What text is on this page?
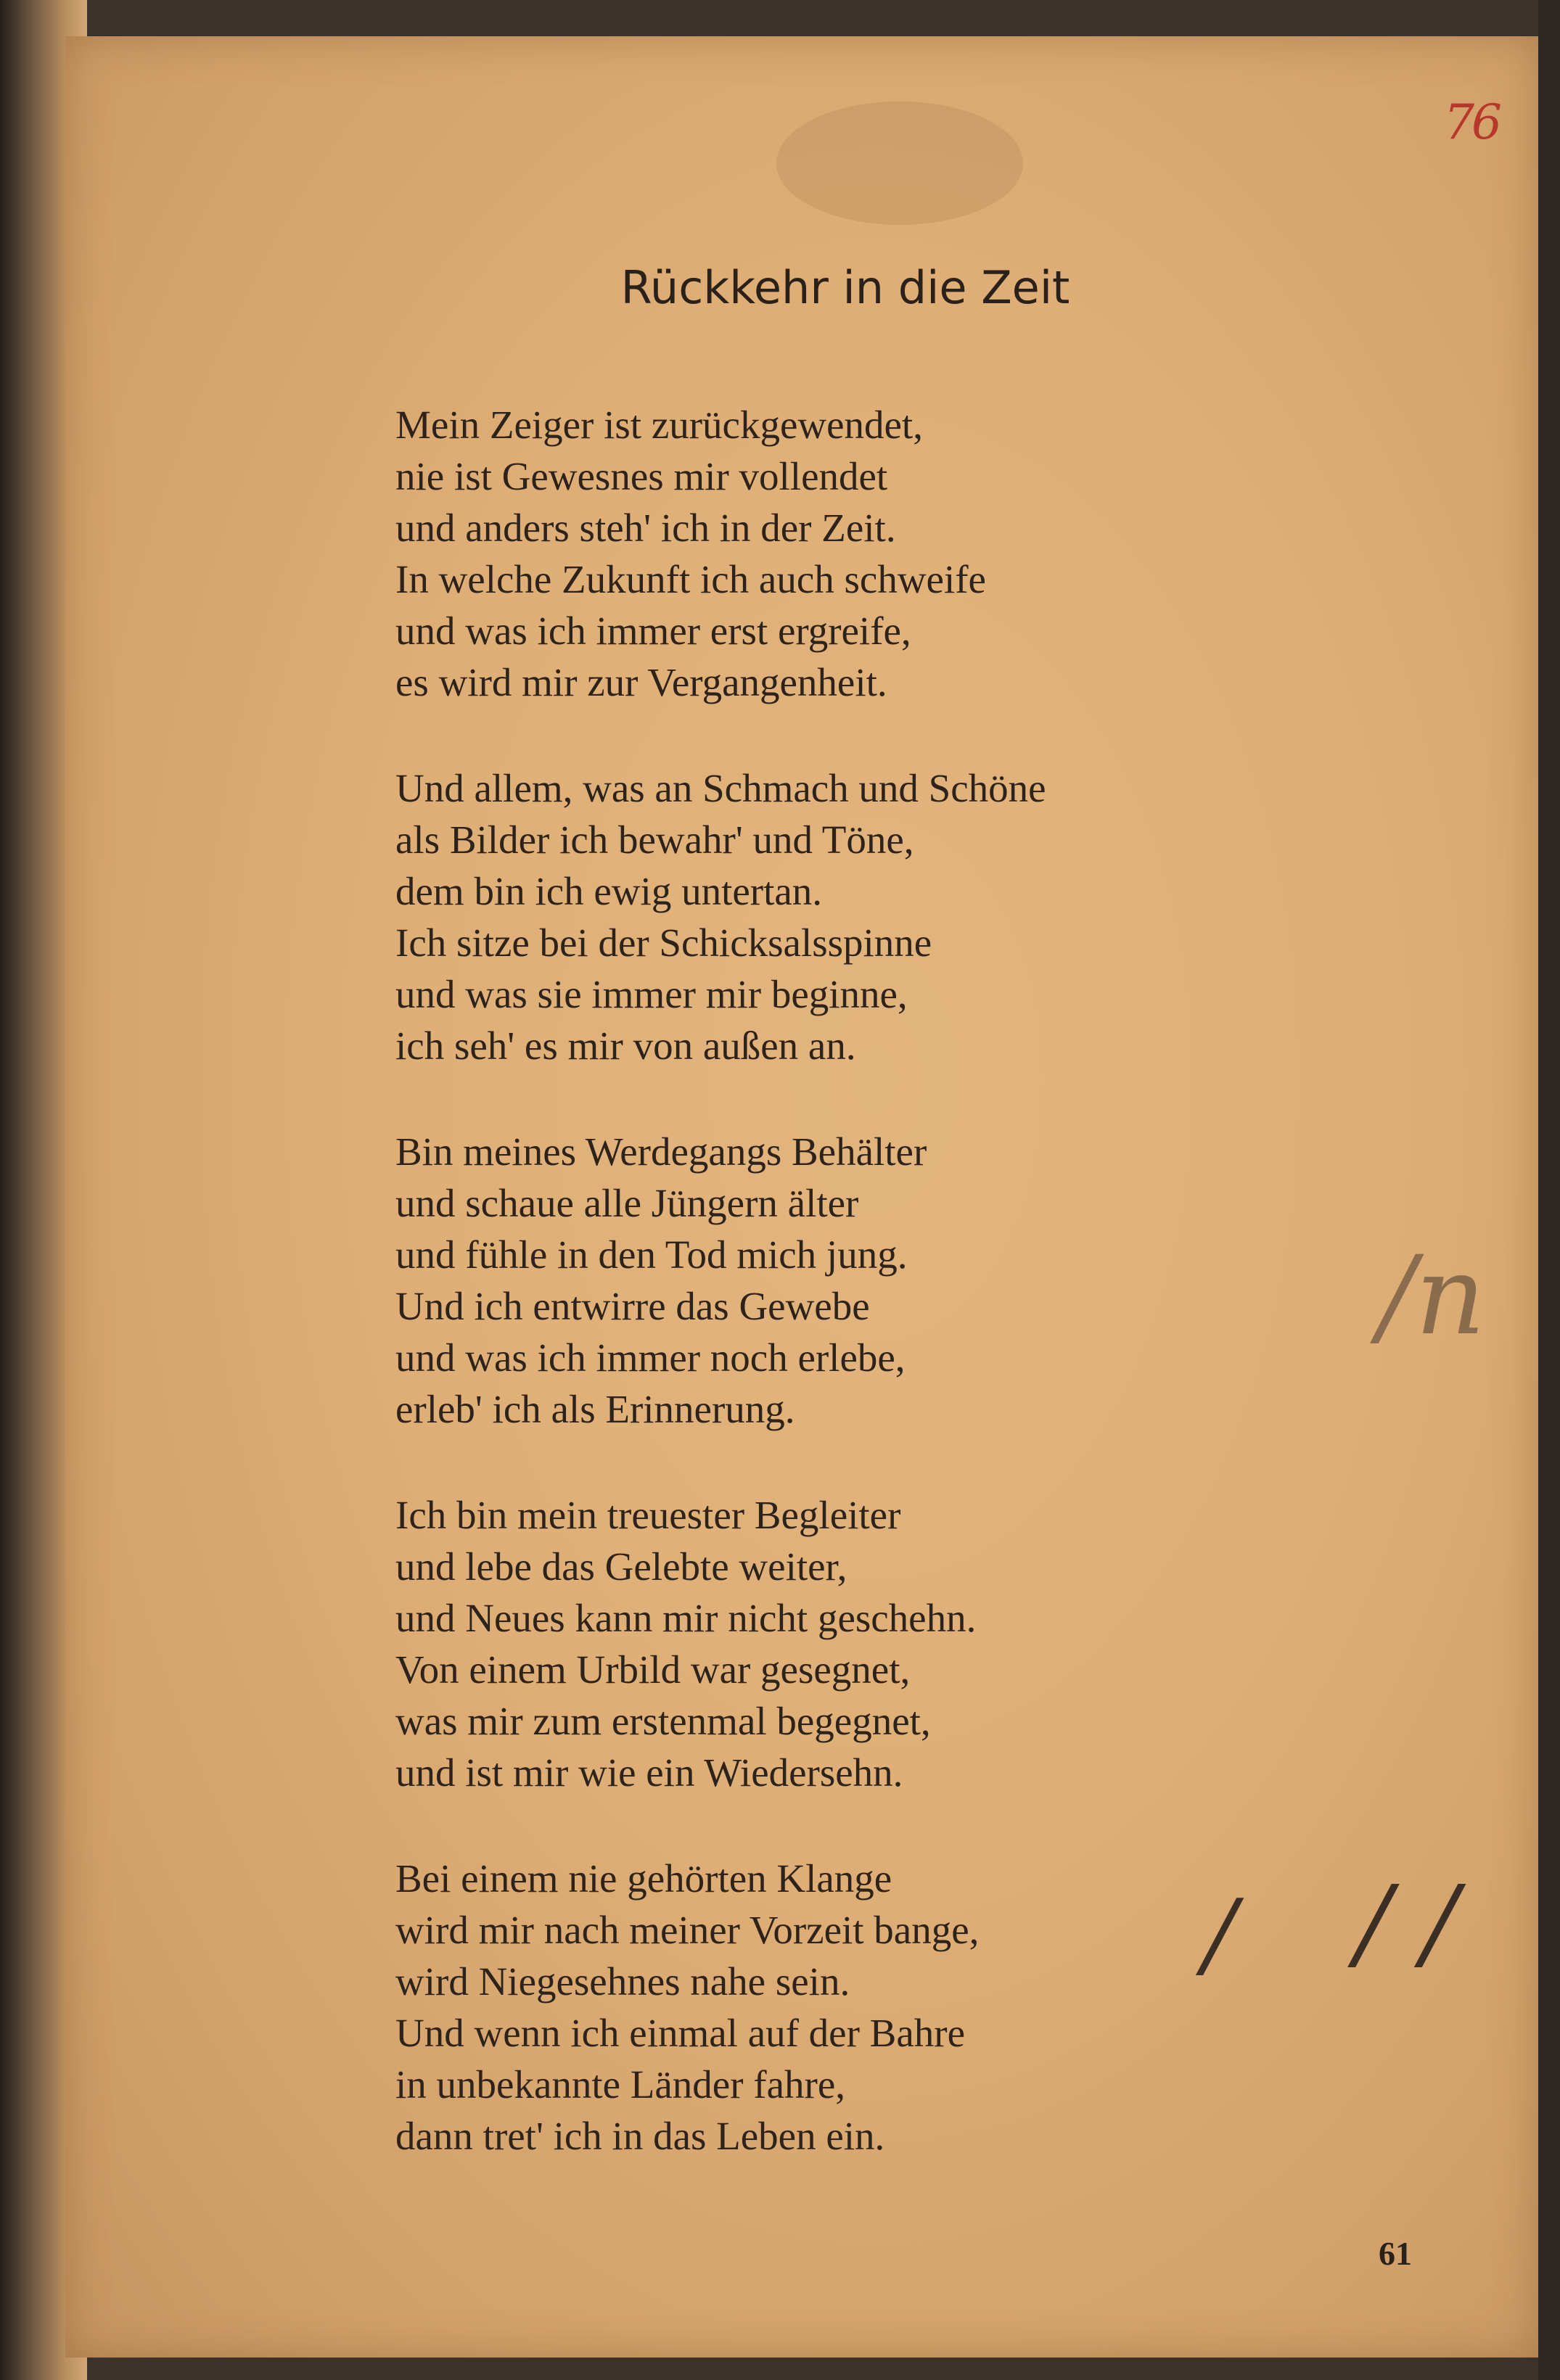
76
Rückkehr in die Zeit
Mein Zeiger ist zurückgewendet,
nie ist Gewesnes mir vollendet
und anders steh' ich in der Zeit.
In welche Zukunft ich auch schweife
und was ich immer erst ergreife,
es wird mir zur Vergangenheit.
Und allem, was an Schmach und Schöne
als Bilder ich bewahr' und Töne,
dem bin ich ewig untertan.
Ich sitze bei der Schicksalsspinne
und was sie immer mir beginne,
ich seh' es mir von außen an.
Bin meines Werdegangs Behälter
und schaue alle Jüngern älter
und fühle in den Tod mich jung.
Und ich entwirre das Gewebe
und was ich immer noch erlebe,
erleb' ich als Erinnerung.
Ich bin mein treuester Begleiter
und lebe das Gelebte weiter,
und Neues kann mir nicht geschehn.
Von einem Urbild war gesegnet,
was mir zum erstenmal begegnet,
und ist mir wie ein Wiedersehn.
Bei einem nie gehörten Klange
wird mir nach meiner Vorzeit bange,
wird Niegesehnes nahe sein.
Und wenn ich einmal auf der Bahre
in unbekannte Länder fahre,
dann tret' ich in das Leben ein.
/n
/ / /
61
